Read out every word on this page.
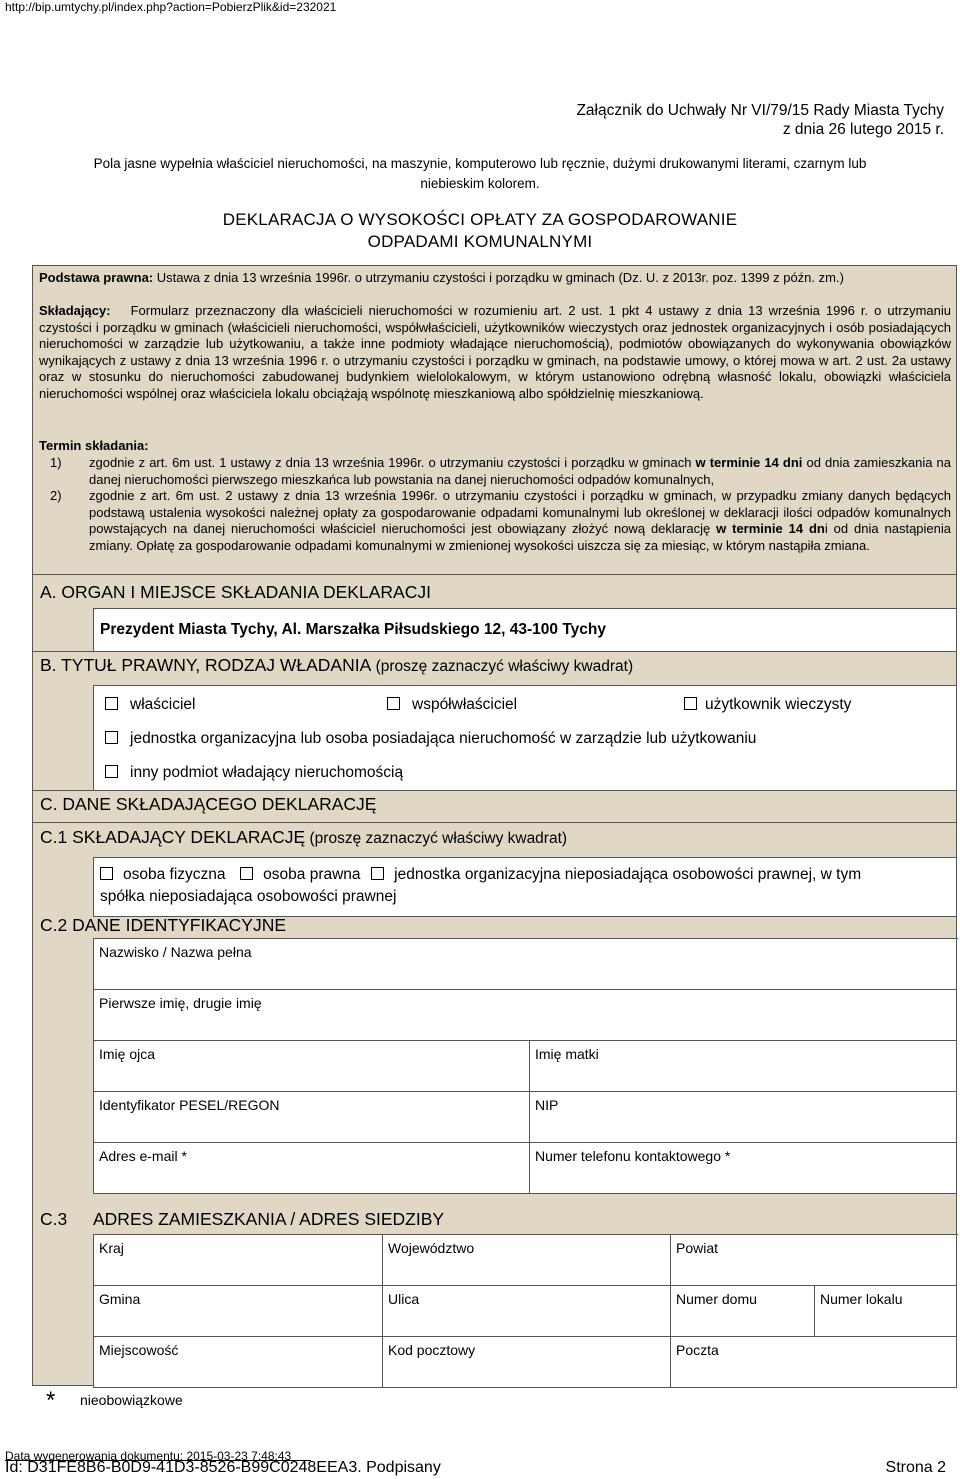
http://bip.umtychy.pl/index.php?action=PobierzPlik&id=232021
Załącznik do Uchwały Nr VI/79/15 Rady Miasta Tychy
z dnia 26 lutego 2015 r.
Pola jasne wypełnia właściciel nieruchomości, na maszynie, komputerowo lub ręcznie, dużymi drukowanymi literami, czarnym lub
niebieskim kolorem.
DEKLARACJA O WYSOKOŚCI OPŁATY ZA GOSPODAROWANIE
ODPADAMI KOMUNALNYMI
Podstawa prawna: Ustawa z dnia 13 września 1996r. o utrzymaniu czystości i porządku w gminach (Dz. U. z 2013r. poz. 1399 z późn. zm.)
Składający: Formularz przeznaczony dla właścicieli nieruchomości w rozumieniu art. 2 ust. 1 pkt 4 ustawy z dnia 13 września 1996 r. o utrzymaniu czystości i porządku w gminach (właścicieli nieruchomości, współwłaścicieli, użytkowników wieczystych oraz jednostek organizacyjnych i osób posiadających nieruchomości w zarządzie lub użytkowaniu, a także inne podmioty władające nieruchomością), podmiotów obowiązanych do wykonywania obowiązków wynikających z ustawy z dnia 13 września 1996 r. o utrzymaniu czystości i porządku w gminach, na podstawie umowy, o której mowa w art. 2 ust. 2a ustawy oraz w stosunku do nieruchomości zabudowanej budynkiem wielolokalowym, w którym ustanowiono odrębną własność lokalu, obowiązki właściciela nieruchomości wspólnej oraz właściciela lokalu obciążają wspólnotę mieszkaniową albo spółdzielnię mieszkaniową.
Termin składania:
1) zgodnie z art. 6m ust. 1 ustawy z dnia 13 września 1996r. o utrzymaniu czystości i porządku w gminach w terminie 14 dni od dnia zamieszkania na danej nieruchomości pierwszego mieszkańca lub powstania na danej nieruchomości odpadów komunalnych,
2) zgodnie z art. 6m ust. 2 ustawy z dnia 13 września 1996r. o utrzymaniu czystości i porządku w gminach, w przypadku zmiany danych będących podstawą ustalenia wysokości należnej opłaty za gospodarowanie odpadami komunalnymi lub określonej w deklaracji ilości odpadów komunalnych powstających na danej nieruchomości właściciel nieruchomości jest obowiązany złożyć nową deklarację w terminie 14 dni od dnia nastąpienia zmiany. Opłatę za gospodarowanie odpadami komunalnymi w zmienionej wysokości uiszcza się za miesiąc, w którym nastąpiła zmiana.
A. ORGAN I MIEJSCE SKŁADANIA DEKLARACJI
Prezydent Miasta Tychy, Al. Marszałka Piłsudskiego 12, 43-100 Tychy
B. TYTUŁ PRAWNY, RODZAJ WŁADANIA (proszę zaznaczyć właściwy kwadrat)
właściciel	współwłaściciel	użytkownik wieczysty
jednostka organizacyjna lub osoba posiadająca nieruchomość w zarządzie lub użytkowaniu
inny podmiot władający nieruchomością
C. DANE SKŁADAJĄCEGO DEKLARACJĘ
C.1 SKŁADAJĄCY DEKLARACJĘ (proszę zaznaczyć właściwy kwadrat)
osoba fizyczna osoba prawna jednostka organizacyjna nieposiadająca osobowości prawnej, w tym
spółka nieposiadająca osobowości prawnej
C.2 DANE IDENTYFIKACYJNE
Nazwisko / Nazwa pełna
Pierwsze imię, drugie imię
Imię ojca	Imię matki
Identyfikator PESEL/REGON	NIP
Adres e-mail *	Numer telefonu kontaktowego *
C.3 ADRES ZAMIESZKANIA / ADRES SIEDZIBY
Kraj	Województwo	Powiat
Gmina	Ulica	Numer domu	Numer lokalu
Miejscowość	Kod pocztowy	Poczta
* nieobowiązkowe
Data wygenerowania dokumentu: 2015-03-23 7:48:43
Id: D31FE8B6-B0D9-41D3-8526-B99C0248EEA3. Podpisany	Strona 2
